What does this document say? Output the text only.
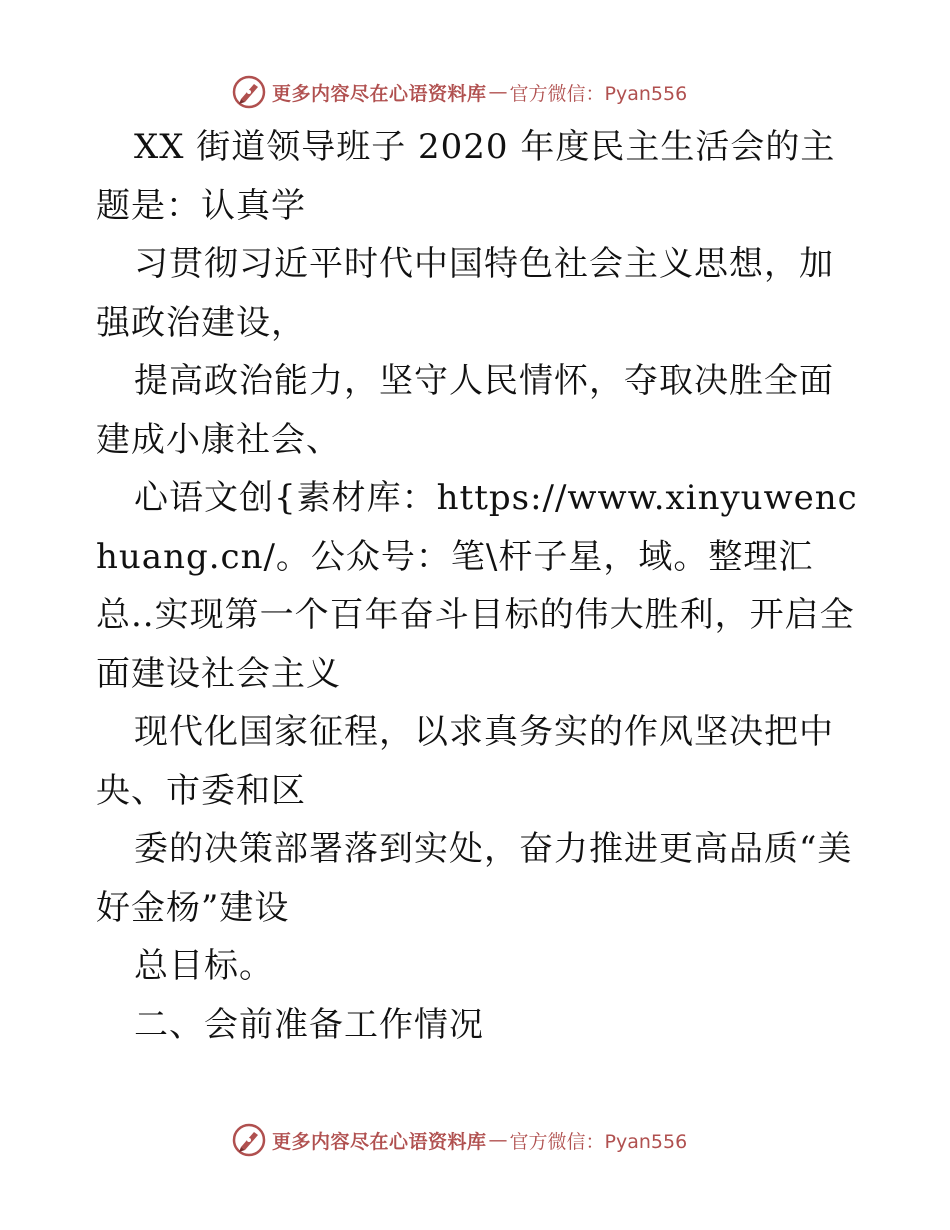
更多内容尽在心语资料库 — 官方微信：Pyan556

XX 街道领导班子 2020 年度民主生活会的主题是：认真学

习贯彻习近平时代中国特色社会主义思想，加强政治建设，

提高政治能力，坚守人民情怀，夺取决胜全面建成小康社会、

心语文创{素材库：https://www.xinyuwenchuang.cn/。公众号：笔\杆子星，域。整理汇总..实现第一个百年奋斗目标的伟大胜利，开启全面建设社会主义

现代化国家征程，以求真务实的作风坚决把中央、市委和区

委的决策部署落到实处，奋力推进更高品质“美好金杨”建设

总目标。

二、会前准备工作情况

更多内容尽在心语资料库 — 官方微信：Pyan556
